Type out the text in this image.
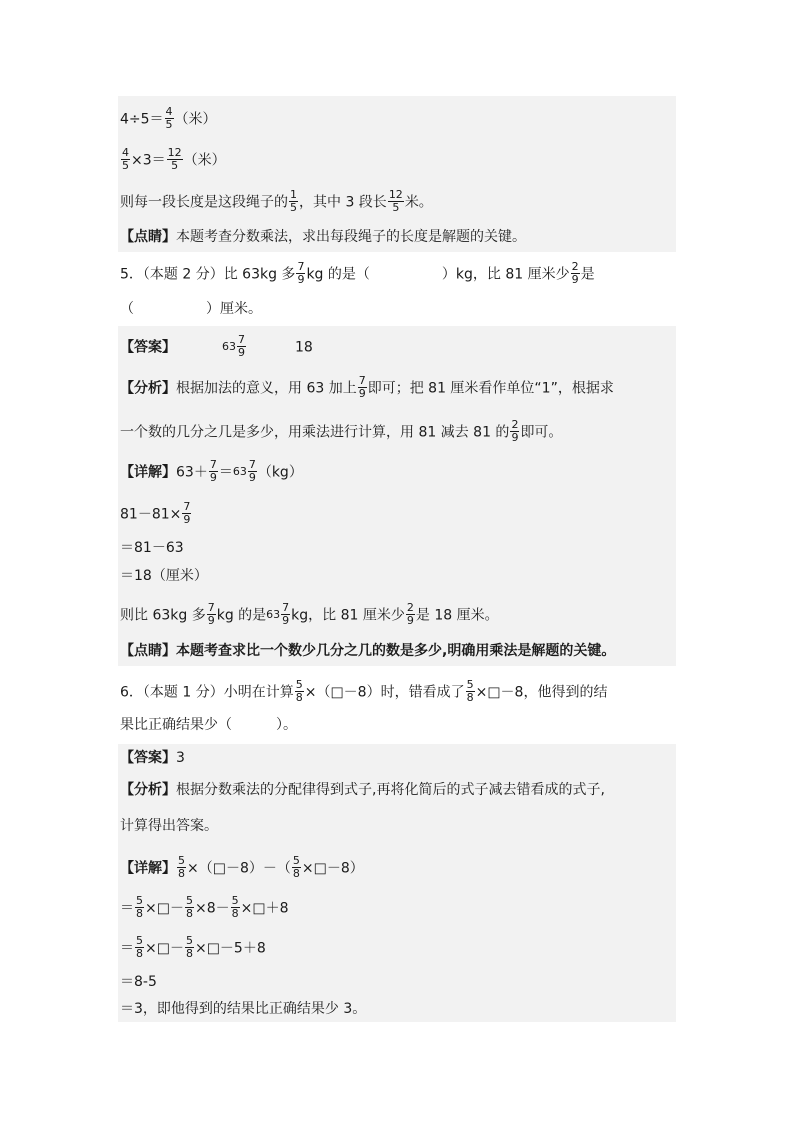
$4\div 5= \frac{4}{5}$ （米）
$\frac{4}{5} \times 3= \frac{12}{5}$ （米）
则每一段长度是这段绳子的 $\frac{1}{5}$ ，其中 3 段长 $\frac{12}{5}$ 米。
【点睛】本题考查分数乘法，求出每段绳子的长度是解题的关键。
5．（本题 2 分）比 63kg 多 $\frac{7}{9}$ kg 的是（	）kg，比 81 厘米少 $\frac{2}{9}$ 是
（	）厘米。
【答案】	$63 \frac{7}{9}$	18
【分析】根据加法的意义，用 63 加上 $\frac{7}{9}$ 即可；把 81 厘米看作单位“1”，根据求
一个数的几分之几是多少，用乘法进行计算，用 81 减去 81 的 $\frac{2}{9}$ 即可。
【详解】$63+ \frac{7}{9} =63 \frac{7}{9} (kg)$
$81-81\times \frac{7}{9}$
＝81－63
＝18（厘米）
则比 63kg 多 $\frac{7}{9}$ kg 的是$63 \frac{7}{9}$ kg，比 81 厘米少 $\frac{2}{9}$ 是 18 厘米。
【点睛】本题考查求比一个数少几分之几的数是多少,明确用乘法是解题的关键。
6．（本题 1 分）小明在计算 $\frac{5}{8}$ ×（□－8）时，错看成了 $\frac{5}{8}$ ×□－8，他得到的结
果比正确结果少（	）。
【答案】3
【分析】根据分数乘法的分配律得到式子,再将化简后的式子减去错看成的式子,
计算得出答案。
【详解】 $\frac{5}{8}$ ×（□－8）－（ $\frac{5}{8}$ ×□－8）
＝ $\frac{5}{8}$ ×□－ $\frac{5}{8} \times 8- \frac{5}{8}$ ×□＋8
＝ $\frac{5}{8}$ ×□－ $\frac{5}{8}$ ×□－5＋8
＝8-5
＝3，即他得到的结果比正确结果少 3。
